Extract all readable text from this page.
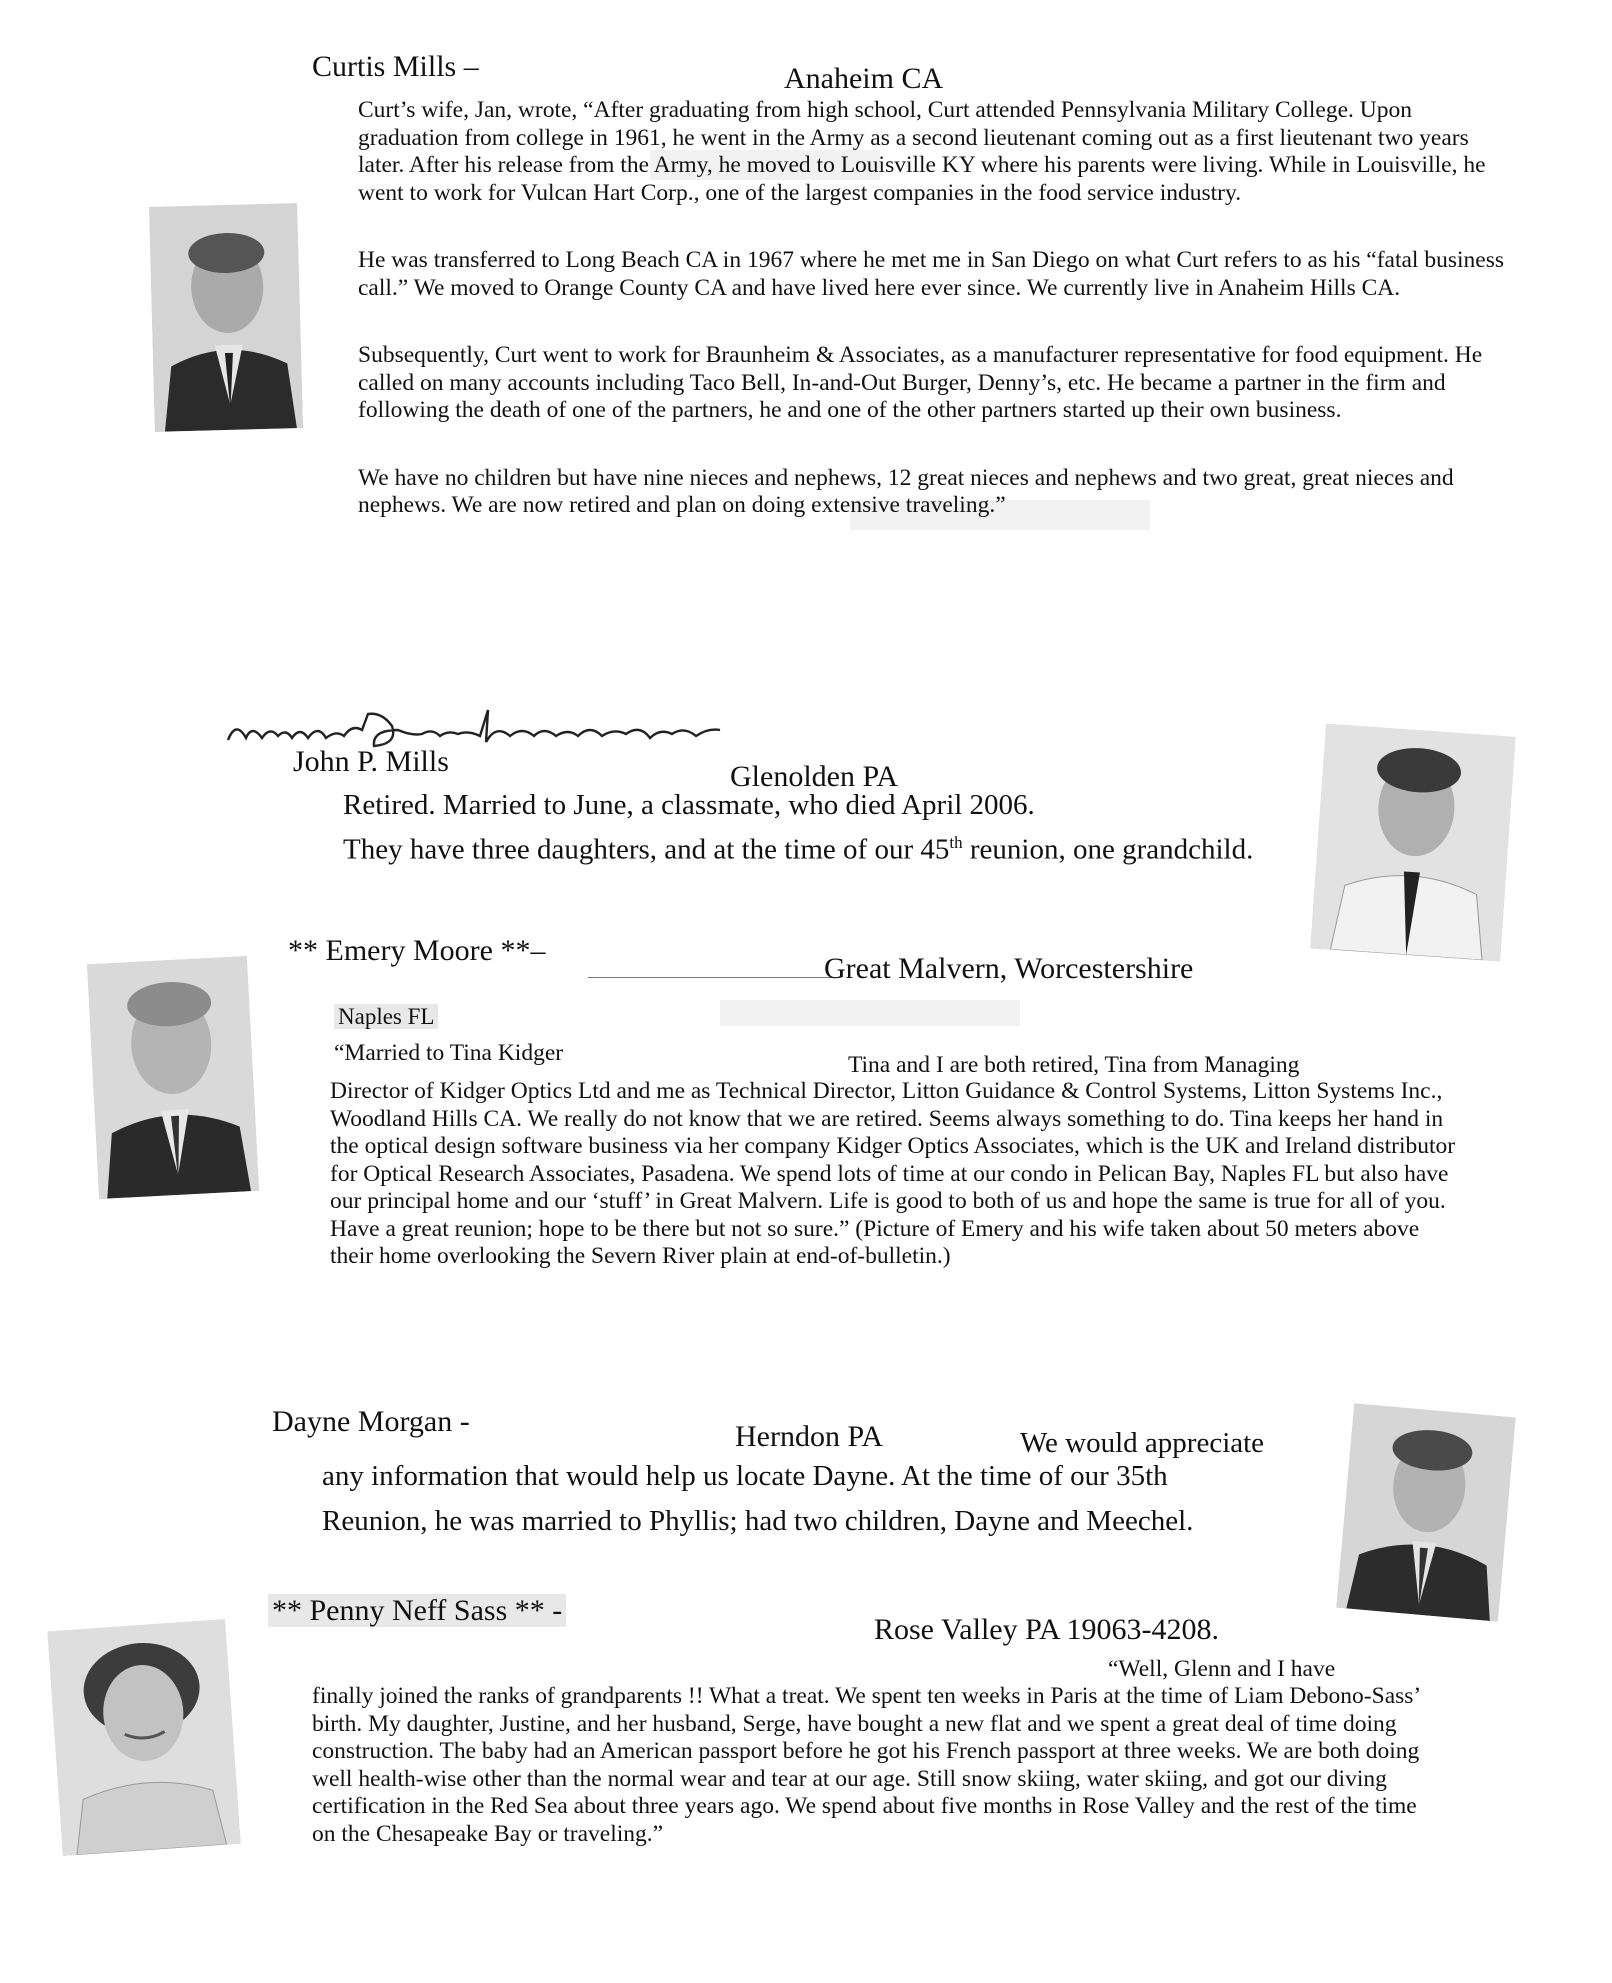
Curtis Mills –	Anaheim CA

Curt’s wife, Jan, wrote, “After graduating from high school, Curt attended Pennsylvania Military College. Upon graduation from college in 1961, he went in the Army as a second lieutenant coming out as a first lieutenant two years later. After his release from the Army, he moved to Louisville KY where his parents were living. While in Louisville, he went to work for Vulcan Hart Corp., one of the largest companies in the food service industry.

He was transferred to Long Beach CA in 1967 where he met me in San Diego on what Curt refers to as his “fatal business call.” We moved to Orange County CA and have lived here ever since. We currently live in Anaheim Hills CA.

Subsequently, Curt went to work for Braunheim & Associates, as a manufacturer representative for food equipment. He called on many accounts including Taco Bell, In-and-Out Burger, Denny’s, etc. He became a partner in the firm and following the death of one of the partners, he and one of the other partners started up their own business.

We have no children but have nine nieces and nephews, 12 great nieces and nephews and two great, great nieces and nephews. We are now retired and plan on doing extensive traveling.”

John P. Mills	Glenolden PA
Retired. Married to June, a classmate, who died April 2006.
They have three daughters, and at the time of our 45th reunion, one grandchild.
** Emery Moore **–
Great Malvern, Worcestershire
Naples FL
“Married to Tina Kidger	Tina and I are both retired, Tina from Managing

Director of Kidger Optics Ltd and me as Technical Director, Litton Guidance & Control Systems, Litton Systems Inc., Woodland Hills CA. We really do not know that we are retired. Seems always something to do. Tina keeps her hand in the optical design software business via her company Kidger Optics Associates, which is the UK and Ireland distributor for Optical Research Associates, Pasadena. We spend lots of time at our condo in Pelican Bay, Naples FL but also have our principal home and our ‘stuff’ in Great Malvern. Life is good to both of us and hope the same is true for all of you. Have a great reunion; hope to be there but not so sure.” (Picture of Emery and his wife taken about 50 meters above their home overlooking the Severn River plain at end-of-bulletin.)

Dayne Morgan -	Herndon PA	We would appreciate
any information that would help us locate Dayne. At the time of our 35th
Reunion, he was married to Phyllis; had two children, Dayne and Meechel.
** Penny Neff Sass ** -
Rose Valley PA 19063-4208.
“Well, Glenn and I have

finally joined the ranks of grandparents !! What a treat. We spent ten weeks in Paris at the time of Liam Debono-Sass’ birth. My daughter, Justine, and her husband, Serge, have bought a new flat and we spent a great deal of time doing construction. The baby had an American passport before he got his French passport at three weeks. We are both doing well health-wise other than the normal wear and tear at our age. Still snow skiing, water skiing, and got our diving certification in the Red Sea about three years ago. We spend about five months in Rose Valley and the rest of the time on the Chesapeake Bay or traveling.”
